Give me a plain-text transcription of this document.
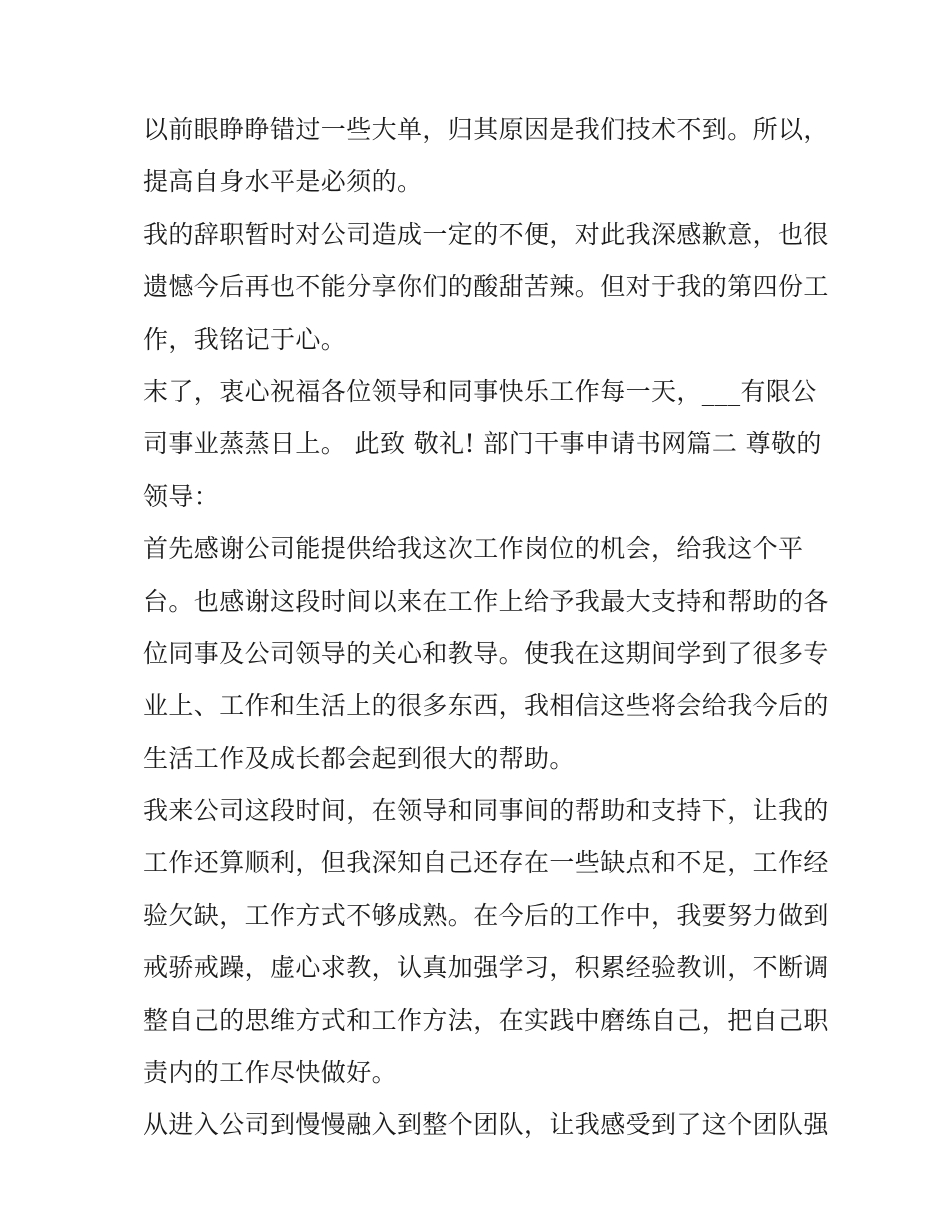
以前眼睁睁错过一些大单，归其原因是我们技术不到。所以，
提高自身水平是必须的。
我的辞职暂时对公司造成一定的不便，对此我深感歉意，也很
遗憾今后再也不能分享你们的酸甜苦辣。但对于我的第四份工
作，我铭记于心。
末了，衷心祝福各位领导和同事快乐工作每一天，___有限公
司事业蒸蒸日上。 此致 敬礼! 部门干事申请书网篇二 尊敬的
领导：
首先感谢公司能提供给我这次工作岗位的机会，给我这个平
台。也感谢这段时间以来在工作上给予我最大支持和帮助的各
位同事及公司领导的关心和教导。使我在这期间学到了很多专
业上、工作和生活上的很多东西，我相信这些将会给我今后的
生活工作及成长都会起到很大的帮助。
我来公司这段时间，在领导和同事间的帮助和支持下，让我的
工作还算顺利，但我深知自己还存在一些缺点和不足，工作经
验欠缺，工作方式不够成熟。在今后的工作中，我要努力做到
戒骄戒躁，虚心求教，认真加强学习，积累经验教训，不断调
整自己的思维方式和工作方法，在实践中磨练自己，把自己职
责内的工作尽快做好。
从进入公司到慢慢融入到整个团队，让我感受到了这个团队强
